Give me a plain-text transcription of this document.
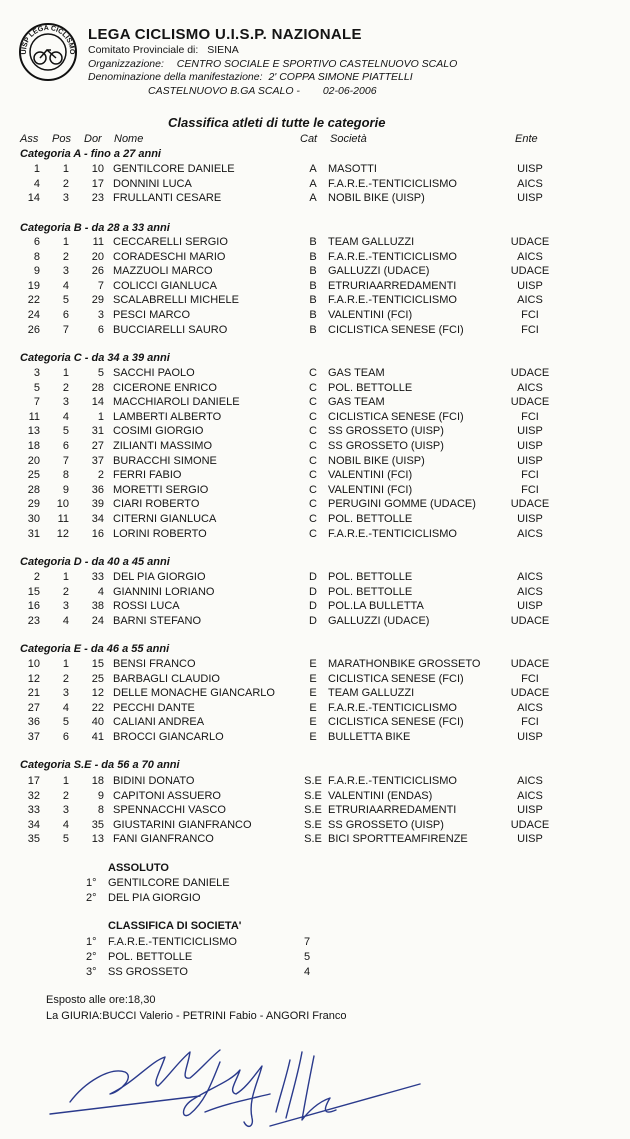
UISP LEGA CICLISMO
LEGA CICLISMO U.I.S.P. NAZIONALE
Comitato Provinciale di: SIENA
Organizzazione: CENTRO SOCIALE E SPORTIVO CASTELNUOVO SCALO
Denominazione della manifestazione: 2' COPPA SIMONE PIATTELLI
CASTELNUOVO B.GA SCALO - 02-06-2006
Classifica atleti di tutte le categorie
Ass Pos Dor Nome	Cat Società	Ente
Categoria A - fino a 27 anni
1	1	10 GENTILCORE DANIELE	A	MASOTTI	UISP
4	2	17 DONNINI LUCA	A	F.A.R.E.-TENTICICLISMO	AICS
14	3	23 FRULLANTI CESARE	A	NOBIL BIKE (UISP)	UISP
Categoria B - da 28 a 33 anni
6	1	11 CECCARELLI SERGIO	B	TEAM GALLUZZI	UDACE
8	2	20 CORADESCHI MARIO	B	F.A.R.E.-TENTICICLISMO	AICS
9	3	26 MAZZUOLI MARCO	B	GALLUZZI (UDACE)	UDACE
19	4	7 COLICCI GIANLUCA	B	ETRURIAARREDAMENTI	UISP
22	5	29 SCALABRELLI MICHELE	B	F.A.R.E.-TENTICICLISMO	AICS
24	6	3 PESCI MARCO	B	VALENTINI (FCI)	FCI
26	7	6 BUCCIARELLI SAURO	B	CICLISTICA SENESE (FCI)	FCI
Categoria C - da 34 a 39 anni
3	1	5 SACCHI PAOLO	C	GAS TEAM	UDACE
5	2	28 CICERONE ENRICO	C	POL. BETTOLLE	AICS
7	3	14 MACCHIAROLI DANIELE	C	GAS TEAM	UDACE
11	4	1 LAMBERTI ALBERTO	C	CICLISTICA SENESE (FCI)	FCI
13	5	31 COSIMI GIORGIO	C	SS GROSSETO (UISP)	UISP
18	6	27 ZILIANTI MASSIMO	C	SS GROSSETO (UISP)	UISP
20	7	37 BURACCHI SIMONE	C	NOBIL BIKE (UISP)	UISP
25	8	2 FERRI FABIO	C	VALENTINI (FCI)	FCI
28	9	36 MORETTI SERGIO	C	VALENTINI (FCI)	FCI
29	10	39 CIARI ROBERTO	C	PERUGINI GOMME (UDACE)	UDACE
30	11	34 CITERNI GIANLUCA	C	POL. BETTOLLE	UISP
31	12	16 LORINI ROBERTO	C	F.A.R.E.-TENTICICLISMO	AICS
Categoria D - da 40 a 45 anni
2	1	33 DEL PIA GIORGIO	D	POL. BETTOLLE	AICS
15	2	4 GIANNINI LORIANO	D	POL. BETTOLLE	AICS
16	3	38 ROSSI LUCA	D	POL.LA BULLETTA	UISP
23	4	24 BARNI STEFANO	D	GALLUZZI (UDACE)	UDACE
Categoria E - da 46 a 55 anni
10	1	15 BENSI FRANCO	E	MARATHONBIKE GROSSETO	UDACE
12	2	25 BARBAGLI CLAUDIO	E	CICLISTICA SENESE (FCI)	FCI
21	3	12 DELLE MONACHE GIANCARLO	E	TEAM GALLUZZI	UDACE
27	4	22 PECCHI DANTE	E	F.A.R.E.-TENTICICLISMO	AICS
36	5	40 CALIANI ANDREA	E	CICLISTICA SENESE (FCI)	FCI
37	6	41 BROCCI GIANCARLO	E	BULLETTA BIKE	UISP
Categoria S.E - da 56 a 70 anni
17	1	18 BIDINI DONATO	S.E F.A.R.E.-TENTICICLISMO	AICS
32	2	9 CAPITONI ASSUERO	S.E VALENTINI (ENDAS)	AICS
33	3	8 SPENNACCHI VASCO	S.E ETRURIAARREDAMENTI	UISP
34	4	35 GIUSTARINI GIANFRANCO	S.E SS GROSSETO (UISP)	UDACE
35	5	13 FANI GIANFRANCO	S.E BICI SPORTTEAMFIRENZE	UISP
ASSOLUTO
1° GENTILCORE DANIELE
2° DEL PIA GIORGIO
CLASSIFICA DI SOCIETA'
1° F.A.R.E.-TENTICICLISMO	7
2° POL. BETTOLLE	5
3° SS GROSSETO	4
Esposto alle ore:18,30
La GIURIA:BUCCI Valerio - PETRINI Fabio - ANGORI Franco
